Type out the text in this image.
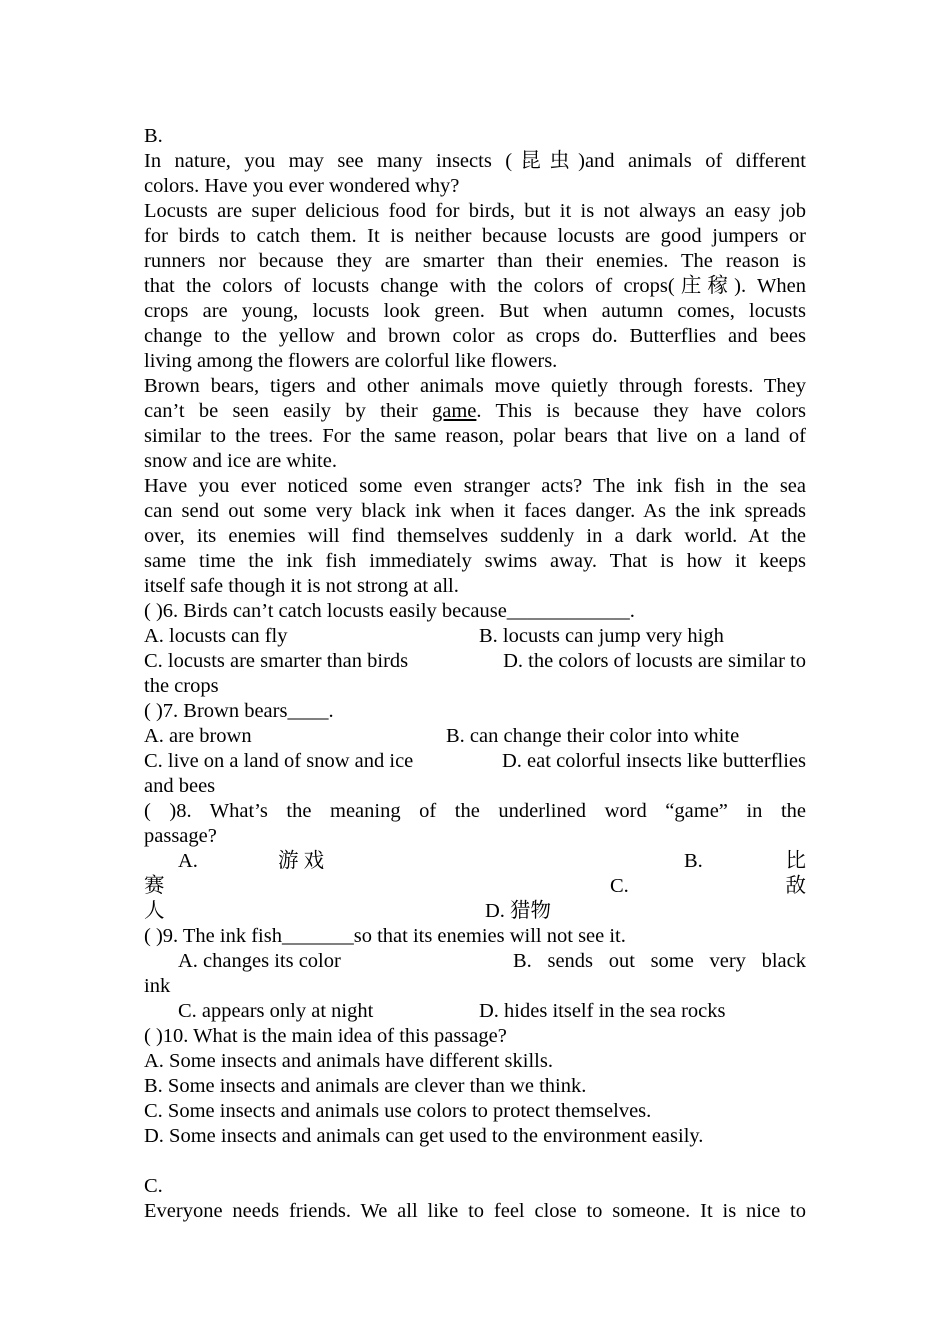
B.
In nature, you may see many insects (昆虫)and animals of different
colors. Have you ever wondered why?
Locusts are super delicious food for birds, but it is not always an easy job
for birds to catch them. It is neither because locusts are good jumpers or
runners nor because they are smarter than their enemies. The reason is
that the colors of locusts change with the colors of crops(庄稼). When
crops are young, locusts look green. But when autumn comes, locusts
change to the yellow and brown color as crops do. Butterflies and bees
living among the flowers are colorful like flowers.
Brown bears, tigers and other animals move quietly through forests. They
can’t be seen easily by their game. This is because they have colors
similar to the trees. For the same reason, polar bears that live on a land of
snow and ice are white.
Have you ever noticed some even stranger acts? The ink fish in the sea
can send out some very black ink when it faces danger. As the ink spreads
over, its enemies will find themselves suddenly in a dark world. At the
same time the ink fish immediately swims away. That is how it keeps
itself safe though it is not strong at all.
( )6. Birds can’t catch locusts easily because____________.
A. locusts can fly	B. locusts can jump very high
C. locusts are smarter than birds	D. the colors of locusts are similar to
the crops
( )7. Brown bears____.
A. are brown	B. can change their color into white
C. live on a land of snow and ice	D. eat colorful insects like butterflies
and bees
( )8. What’s the meaning of the underlined word “game” in the
passage?
A.	游 戏	B.	比
赛	C.	敌
人	D. 猎物
( )9. The ink fish_______so that its enemies will not see it.
A. changes its color	B. sends out some very black
ink
C. appears only at night	D. hides itself in the sea rocks
( )10. What is the main idea of this passage?
A. Some insects and animals have different skills.
B. Some insects and animals are clever than we think.
C. Some insects and animals use colors to protect themselves.
D. Some insects and animals can get used to the environment easily.
C.
Everyone needs friends. We all like to feel close to someone. It is nice to
